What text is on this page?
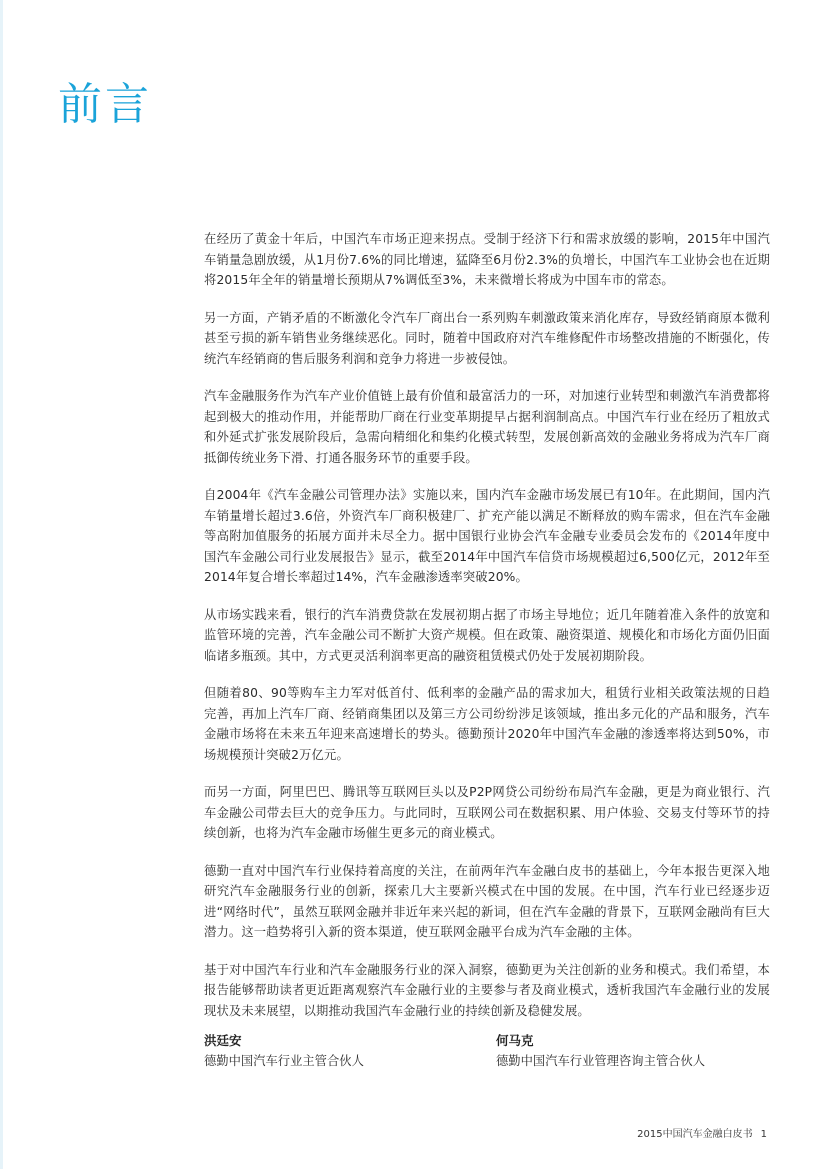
前言

在经历了黄金十年后，中国汽车市场正迎来拐点。受制于经济下行和需求放缓的影响，2015年中国汽车销量急剧放缓，从1月份7.6%的同比增速，猛降至6月份2.3%的负增长，中国汽车工业协会也在近期将2015年全年的销量增长预期从7%调低至3%，未来微增长将成为中国车市的常态。

另一方面，产销矛盾的不断激化令汽车厂商出台一系列购车刺激政策来消化库存，导致经销商原本微利甚至亏损的新车销售业务继续恶化。同时，随着中国政府对汽车维修配件市场整改措施的不断强化，传统汽车经销商的售后服务利润和竞争力将进一步被侵蚀。

汽车金融服务作为汽车产业价值链上最有价值和最富活力的一环，对加速行业转型和刺激汽车消费都将起到极大的推动作用，并能帮助厂商在行业变革期提早占据利润制高点。中国汽车行业在经历了粗放式和外延式扩张发展阶段后，急需向精细化和集约化模式转型，发展创新高效的金融业务将成为汽车厂商抵御传统业务下滑、打通各服务环节的重要手段。

自2004年《汽车金融公司管理办法》实施以来，国内汽车金融市场发展已有10年。在此期间，国内汽车销量增长超过3.6倍，外资汽车厂商积极建厂、扩充产能以满足不断释放的购车需求，但在汽车金融等高附加值服务的拓展方面并未尽全力。据中国银行业协会汽车金融专业委员会发布的《2014年度中国汽车金融公司行业发展报告》显示，截至2014年中国汽车信贷市场规模超过6,500亿元，2012年至2014年复合增长率超过14%，汽车金融渗透率突破20%。

从市场实践来看，银行的汽车消费贷款在发展初期占据了市场主导地位；近几年随着准入条件的放宽和监管环境的完善，汽车金融公司不断扩大资产规模。但在政策、融资渠道、规模化和市场化方面仍旧面临诸多瓶颈。其中，方式更灵活利润率更高的融资租赁模式仍处于发展初期阶段。

但随着80、90等购车主力军对低首付、低利率的金融产品的需求加大，租赁行业相关政策法规的日趋完善，再加上汽车厂商、经销商集团以及第三方公司纷纷涉足该领域，推出多元化的产品和服务，汽车金融市场将在未来五年迎来高速增长的势头。德勤预计2020年中国汽车金融的渗透率将达到50%，市场规模预计突破2万亿元。

而另一方面，阿里巴巴、腾讯等互联网巨头以及P2P网贷公司纷纷布局汽车金融，更是为商业银行、汽车金融公司带去巨大的竞争压力。与此同时，互联网公司在数据积累、用户体验、交易支付等环节的持续创新，也将为汽车金融市场催生更多元的商业模式。

德勤一直对中国汽车行业保持着高度的关注，在前两年汽车金融白皮书的基础上，今年本报告更深入地研究汽车金融服务行业的创新，探索几大主要新兴模式在中国的发展。在中国，汽车行业已经逐步迈进“网络时代”，虽然互联网金融并非近年来兴起的新词，但在汽车金融的背景下，互联网金融尚有巨大潜力。这一趋势将引入新的资本渠道，使互联网金融平台成为汽车金融的主体。

基于对中国汽车行业和汽车金融服务行业的深入洞察，德勤更为关注创新的业务和模式。我们希望，本报告能够帮助读者更近距离观察汽车金融行业的主要参与者及商业模式，透析我国汽车金融行业的发展现状及未来展望，以期推动我国汽车金融行业的持续创新及稳健发展。

洪廷安
德勤中国汽车行业主管合伙人
何马克
德勤中国汽车行业管理咨询主管合伙人
2015中国汽车金融白皮书 1
